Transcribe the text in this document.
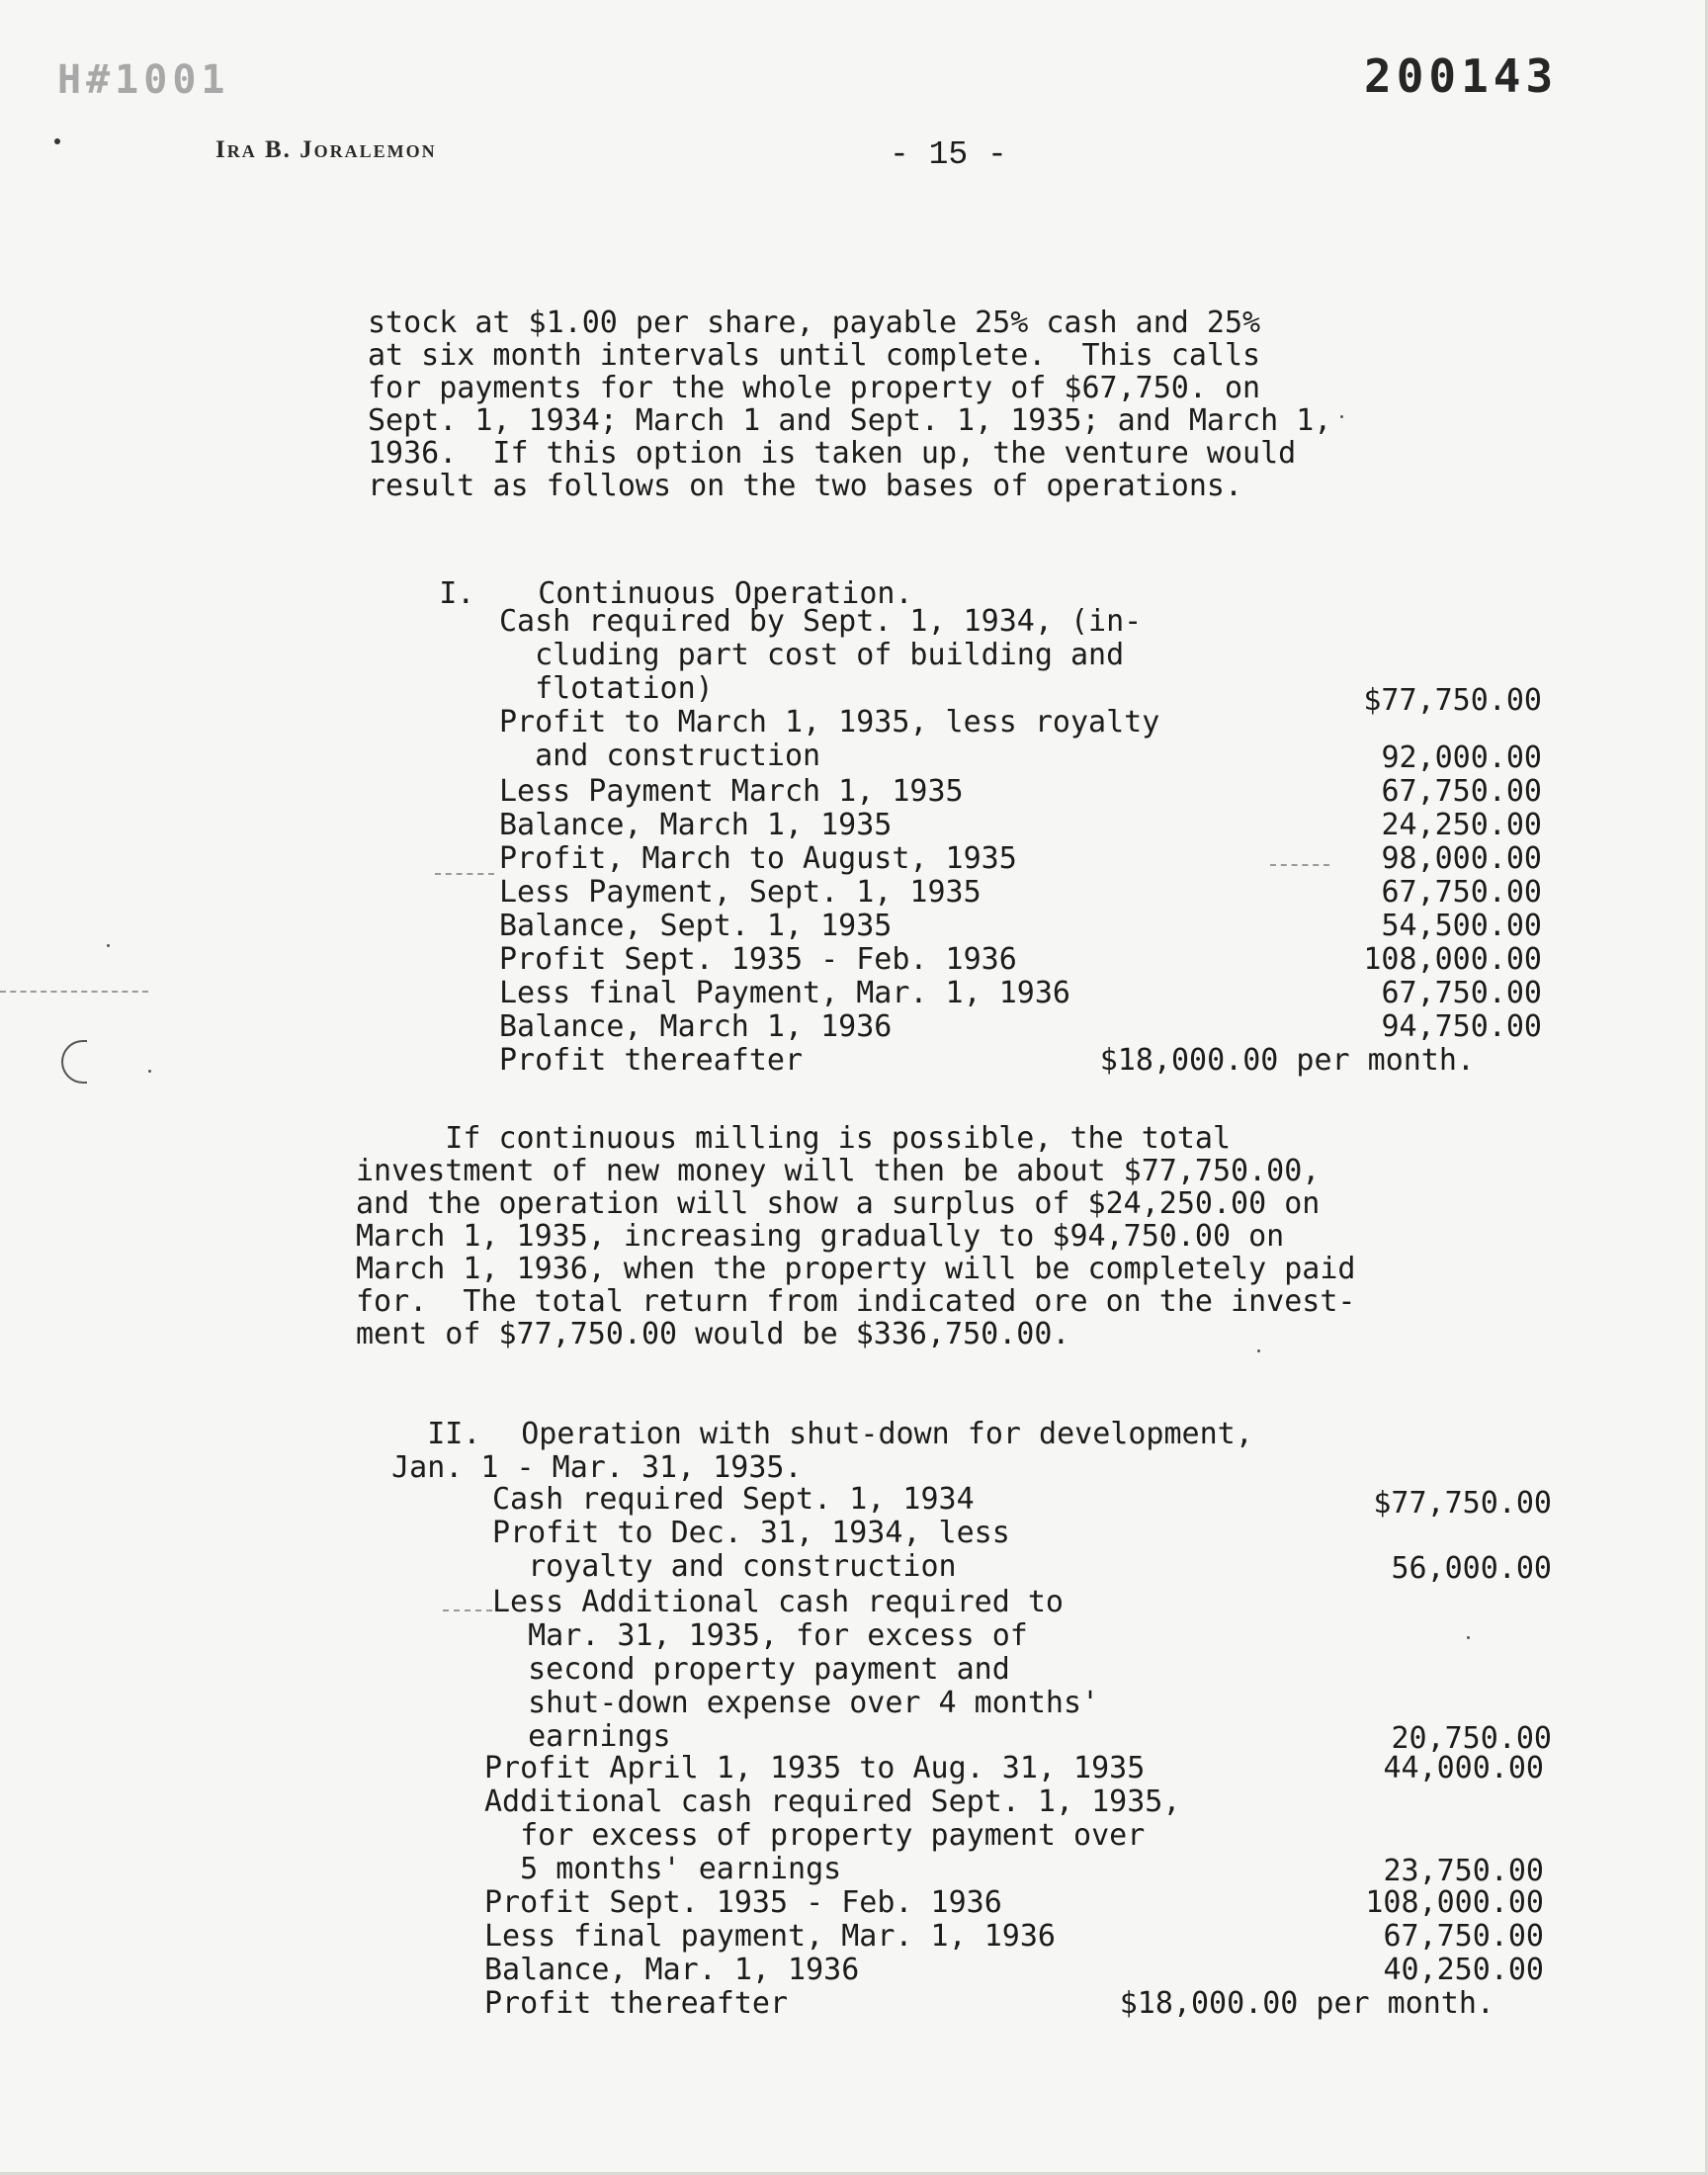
H#1001	200143
Ira B. Joralemon	- 15 -

stock at $1.00 per share, payable 25% cash and 25%
at six month intervals until complete.  This calls
for payments for the whole property of $67,750. on
Sept. 1, 1934; March 1 and Sept. 1, 1935; and March 1,
1936.  If this option is taken up, the venture would
result as follows on the two bases of operations.

I. Continuous Operation.

Cash required by Sept. 1, 1934, (in-
cluding part cost of building and
flotation)	$77,750.00
Profit to March 1, 1935, less royalty
and construction	92,000.00
Less Payment March 1, 1935	67,750.00
Balance, March 1, 1935	24,250.00
Profit, March to August, 1935	98,000.00
Less Payment, Sept. 1, 1935	67,750.00
Balance, Sept. 1, 1935	54,500.00
Profit Sept. 1935 - Feb. 1936	108,000.00
Less final Payment, Mar. 1, 1936	67,750.00
Balance, March 1, 1936	94,750.00
Profit thereafter	$18,000.00 per month.

If continuous milling is possible, the total
investment of new money will then be about $77,750.00,
and the operation will show a surplus of $24,250.00 on
March 1, 1935, increasing gradually to $94,750.00 on
March 1, 1936, when the property will be completely paid
for.  The total return from indicated ore on the invest-
ment of $77,750.00 would be $336,750.00.

II. Operation with shut-down for development,
Jan. 1 - Mar. 31, 1935.

Cash required Sept. 1, 1934	$77,750.00
Profit to Dec. 31, 1934, less
royalty and construction	56,000.00
Less Additional cash required to
Mar. 31, 1935, for excess of
second property payment and
shut-down expense over 4 months'
earnings	20,750.00
Profit April 1, 1935 to Aug. 31, 1935	44,000.00
Additional cash required Sept. 1, 1935,
for excess of property payment over
5 months' earnings	23,750.00
Profit Sept. 1935 - Feb. 1936	108,000.00
Less final payment, Mar. 1, 1936	67,750.00
Balance, Mar. 1, 1936	40,250.00
Profit thereafter	$18,000.00 per month.
